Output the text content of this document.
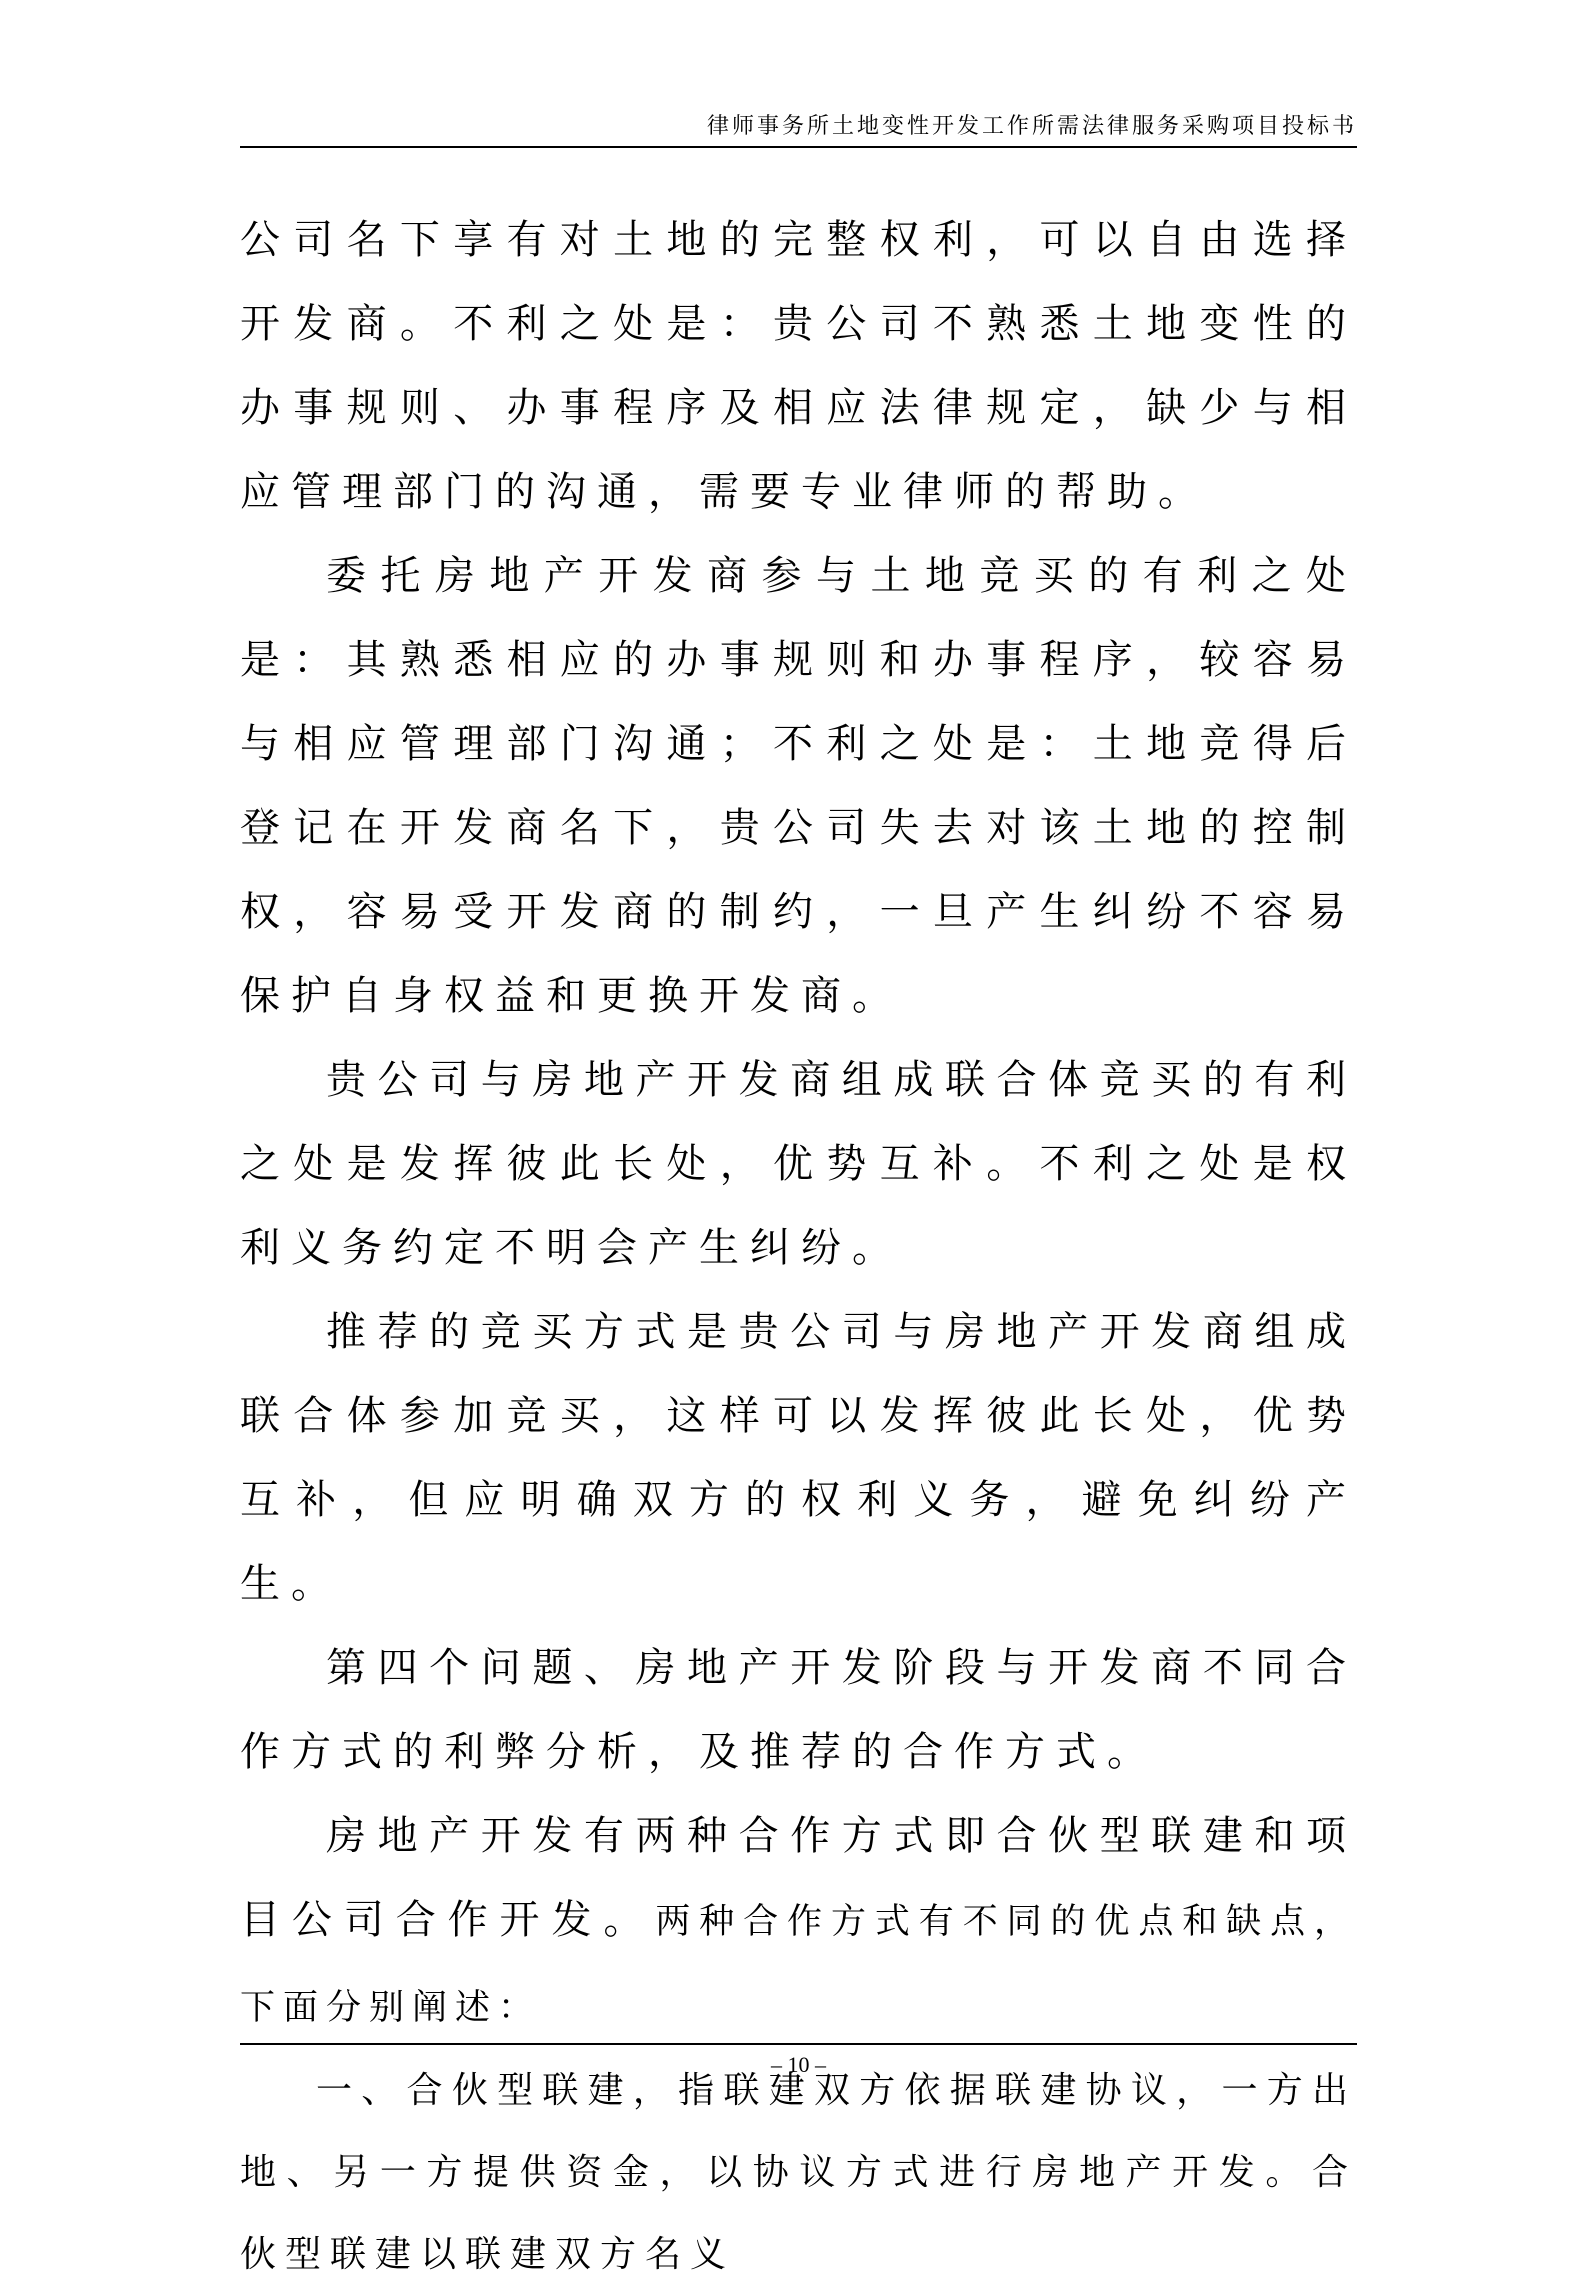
律师事务所土地变性开发工作所需法律服务采购项目投标书

公司名下享有对土地的完整权利，可以自由选择开发商。不利之处是：贵公司不熟悉土地变性的办事规则、办事程序及相应法律规定，缺少与相应管理部门的沟通，需要专业律师的帮助。

委托房地产开发商参与土地竞买的有利之处是：其熟悉相应的办事规则和办事程序，较容易与相应管理部门沟通；不利之处是：土地竞得后登记在开发商名下，贵公司失去对该土地的控制权，容易受开发商的制约，一旦产生纠纷不容易保护自身权益和更换开发商。

贵公司与房地产开发商组成联合体竞买的有利之处是发挥彼此长处，优势互补。不利之处是权利义务约定不明会产生纠纷。

推荐的竞买方式是贵公司与房地产开发商组成联合体参加竞买，这样可以发挥彼此长处，优势互补，但应明确双方的权利义务，避免纠纷产生。

第四个问题、房地产开发阶段与开发商不同合作方式的利弊分析，及推荐的合作方式。

房地产开发有两种合作方式即合伙型联建和项目公司合作开发。两种合作方式有不同的优点和缺点，下面分别阐述：

一、合伙型联建，指联建双方依据联建协议，一方出地、另一方提供资金，以协议方式进行房地产开发。合伙型联建以联建双方名义

– 10 –
